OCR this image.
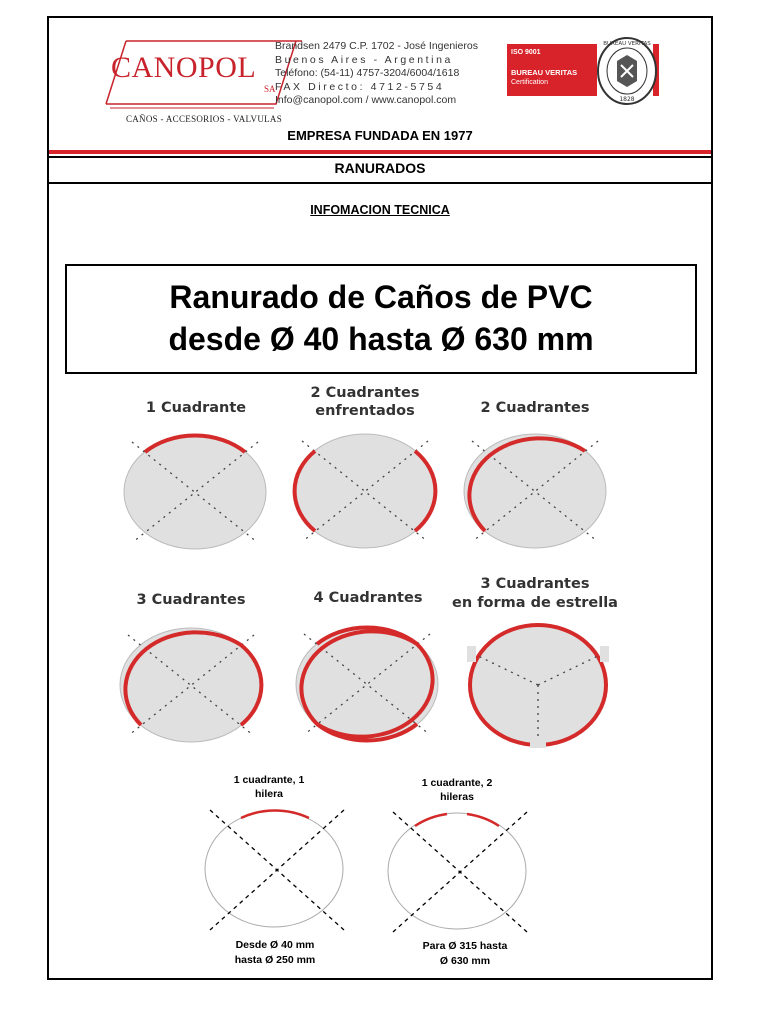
CANOPOL
SA
CAÑOS - ACCESORIOS - VALVULAS
Brandsen 2479 C.P. 1702 - José Ingenieros
Buenos Aires - Argentina
Teléfono: (54-11) 4757-3204/6004/1618
FAX Directo: 4712-5754
Info@canopol.com / www.canopol.com
ISO 9001
BUREAU VERITAS
Certification
BUREAU VERITAS
1828
EMPRESA FUNDADA EN 1977
RANURADOS
INFOMACION TECNICA
Ranurado de Caños de PVC
desde Ø 40 hasta Ø 630 mm
1 Cuadrante
2 Cuadrantes
enfrentados	2 Cuadrantes
3 Cuadrantes	4 Cuadrantes
3 Cuadrantes
en forma de estrella
1 cuadrante, 1
hilera
1 cuadrante, 2
hileras
Desde Ø 40 mm
hasta Ø 250 mm
Para Ø 315 hasta
Ø 630 mm
